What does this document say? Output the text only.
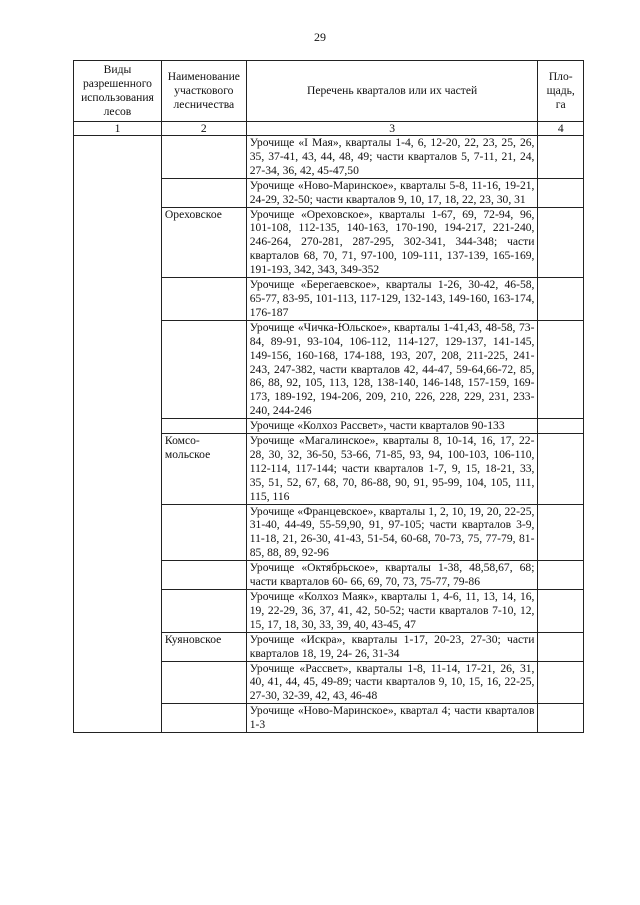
29
Виды разрешенного использования лесов	Наименование участкового лесничества	Перечень кварталов или их частей	Пло-щадь, га
1	2	3	4
		Урочище «I Мая», кварталы 1-4, 6, 12-20, 22, 23, 25, 26, 35, 37-41, 43, 44, 48, 49; части кварталов 5, 7-11, 21, 24, 27-34, 36, 42, 45-47,50	
		Урочище «Ново-Маринское», кварталы 5-8, 11-16, 19-21, 24-29, 32-50; части кварталов 9, 10, 17, 18, 22, 23, 30, 31	
	Ореховское	Урочище «Ореховское», кварталы 1-67, 69, 72-94, 96, 101-108, 112-135, 140-163, 170-190, 194-217, 221-240, 246-264, 270-281, 287-295, 302-341, 344-348; части кварталов 68, 70, 71, 97-100, 109-111, 137-139, 165-169, 191-193, 342, 343, 349-352	
		Урочище «Берегаевское», кварталы 1-26, 30-42, 46-58, 65-77, 83-95, 101-113, 117-129, 132-143, 149-160, 163-174, 176-187	
		Урочище «Чичка-Юльское», кварталы 1-41,43, 48-58, 73-84, 89-91, 93-104, 106-112, 114-127, 129-137, 141-145, 149-156, 160-168, 174-188, 193, 207, 208, 211-225, 241-243, 247-382, части кварталов 42, 44-47, 59-64,66-72, 85, 86, 88, 92, 105, 113, 128, 138-140, 146-148, 157-159, 169-173, 189-192, 194-206, 209, 210, 226, 228, 229, 231, 233-240, 244-246	
		Урочище «Колхоз Рассвет», части кварталов 90-133	
	Комсо-мольское	Урочище «Магалинское», кварталы 8, 10-14, 16, 17, 22-28, 30, 32, 36-50, 53-66, 71-85, 93, 94, 100-103, 106-110, 112-114, 117-144; части кварталов 1-7, 9, 15, 18-21, 33, 35, 51, 52, 67, 68, 70, 86-88, 90, 91, 95-99, 104, 105, 111, 115, 116	
		Урочище «Францевское», кварталы 1, 2, 10, 19, 20, 22-25, 31-40, 44-49, 55-59,90, 91, 97-105; части кварталов 3-9, 11-18, 21, 26-30, 41-43, 51-54, 60-68, 70-73, 75, 77-79, 81-85, 88, 89, 92-96	
		Урочище «Октябрьское», кварталы 1-38, 48,58,67, 68; части кварталов 60- 66, 69, 70, 73, 75-77, 79-86	
		Урочище «Колхоз Маяк», кварталы 1, 4-6, 11, 13, 14, 16, 19, 22-29, 36, 37, 41, 42, 50-52; части кварталов 7-10, 12, 15, 17, 18, 30, 33, 39, 40, 43-45, 47	
	Куяновское	Урочище «Искра», кварталы 1-17, 20-23, 27-30; части кварталов 18, 19, 24- 26, 31-34	
		Урочище «Рассвет», кварталы 1-8, 11-14, 17-21, 26, 31, 40, 41, 44, 45, 49-89; части кварталов 9, 10, 15, 16, 22-25, 27-30, 32-39, 42, 43, 46-48	
		Урочище «Ново-Маринское», квартал 4; части кварталов 1-3	
